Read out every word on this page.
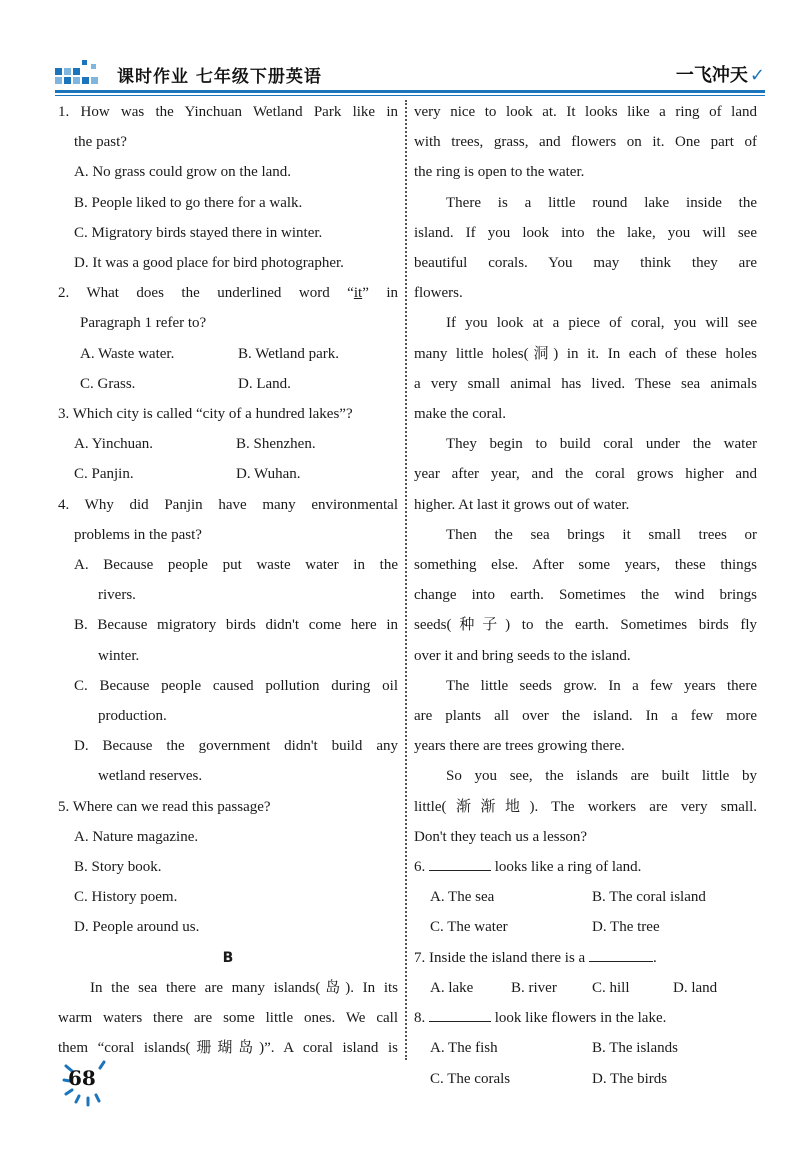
课时作业 七年级下册英语	一飞冲天 ✓

1. How was the Yinchuan Wetland Park like in

the past?

A. No grass could grow on the land.

B. People liked to go there for a walk.

C. Migratory birds stayed there in winter.

D. It was a good place for bird photographer.

2. What does the underlined word “it” in

Paragraph 1 refer to?

A. Waste water.	B. Wetland park.
C. Grass.	D. Land.

3. Which city is called “city of a hundred lakes”?

A. Yinchuan.	B. Shenzhen.
C. Panjin.	D. Wuhan.

4. Why did Panjin have many environmental

problems in the past?

A. Because people put waste water in the

rivers.

B. Because migratory birds didn't come here in

winter.

C. Because people caused pollution during oil

production.

D. Because the government didn't build any

wetland reserves.

5. Where can we read this passage?

A. Nature magazine.

B. Story book.

C. History poem.

D. People around us.

B

In the sea there are many islands(岛). In its

warm waters there are some little ones. We call

them “coral islands(珊瑚岛)”. A coral island is

very nice to look at. It looks like a ring of land

with trees, grass, and flowers on it. One part of

the ring is open to the water.

There is a little round lake inside the

island. If you look into the lake, you will see

beautiful corals. You may think they are

flowers.

If you look at a piece of coral, you will see

many little holes(洞) in it. In each of these holes

a very small animal has lived. These sea animals

make the coral.

They begin to build coral under the water

year after year, and the coral grows higher and

higher. At last it grows out of water.

Then the sea brings it small trees or

something else. After some years, these things

change into earth. Sometimes the wind brings

seeds(种子) to the earth. Sometimes birds fly

over it and bring seeds to the island.

The little seeds grow. In a few years there

are plants all over the island. In a few more

years there are trees growing there.

So you see, the islands are built little by

little(渐渐地). The workers are very small.

Don't they teach us a lesson?

6.	looks like a ring of land.

A. The sea	B. The coral island
C. The water	D. The tree

7. Inside the island there is a	.

A. lake	B. river	C. hill	D. land

8.	look like flowers in the lake.

A. The fish	B. The islands
C. The corals	D. The birds
68
